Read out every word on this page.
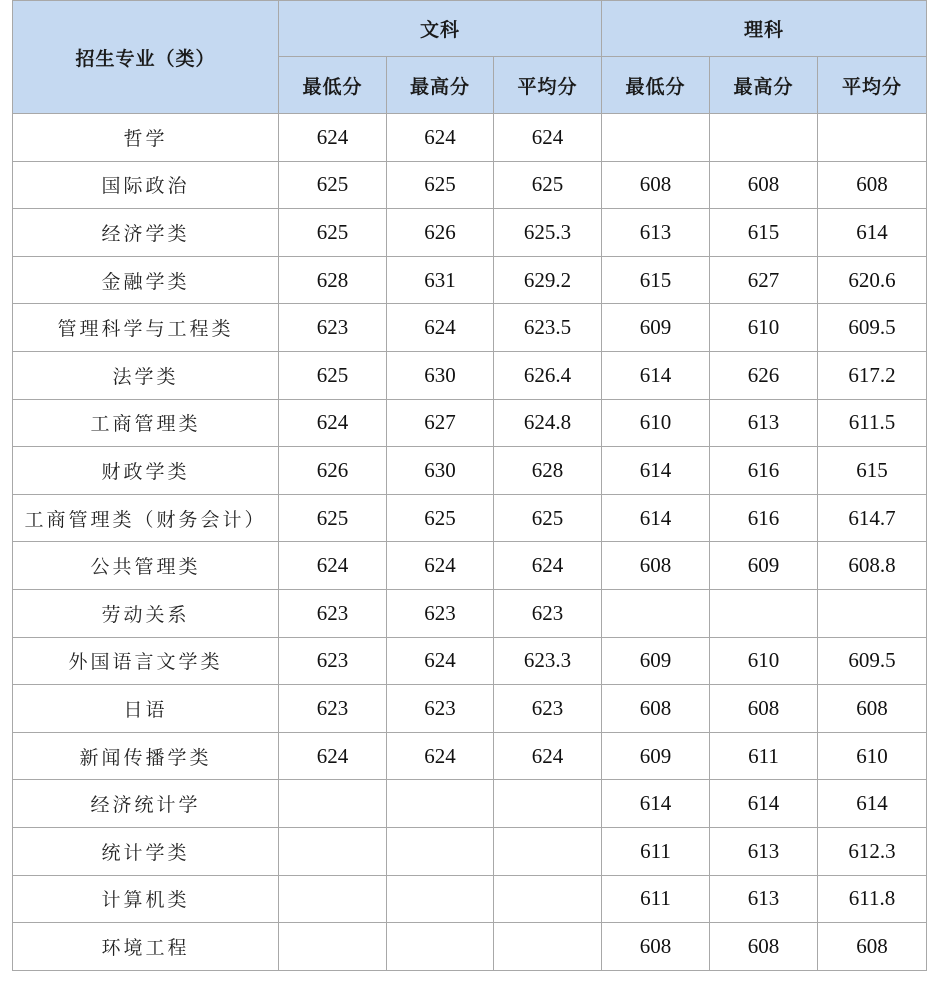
招生专业（类）	文科			理科		
	最低分	最高分	平均分	最低分	最高分	平均分
哲学	624	624	624			
国际政治	625	625	625	608	608	608
经济学类	625	626	625.3	613	615	614
金融学类	628	631	629.2	615	627	620.6
管理科学与工程类	623	624	623.5	609	610	609.5
法学类	625	630	626.4	614	626	617.2
工商管理类	624	627	624.8	610	613	611.5
财政学类	626	630	628	614	616	615
工商管理类（财务会计）	625	625	625	614	616	614.7
公共管理类	624	624	624	608	609	608.8
劳动关系	623	623	623			
外国语言文学类	623	624	623.3	609	610	609.5
日语	623	623	623	608	608	608
新闻传播学类	624	624	624	609	611	610
经济统计学				614	614	614
统计学类				611	613	612.3
计算机类				611	613	611.8
环境工程				608	608	608
